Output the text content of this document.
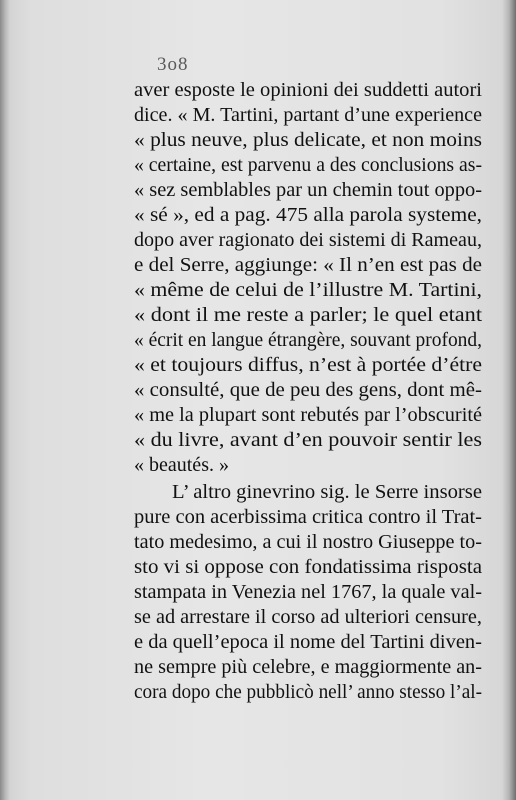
3o8
aver esposte le opinioni dei suddetti autori
dice. « M. Tartini, partant d’une experience
« plus neuve, plus delicate, et non moins
« certaine, est parvenu a des conclusions as-
« sez semblables par un chemin tout oppo-
« sé », ed a pag. 475 alla parola systeme,
dopo aver ragionato dei sistemi di Rameau,
e del Serre, aggiunge: « Il n’en est pas de
« même de celui de l’illustre M. Tartini,
« dont il me reste a parler; le quel etant
« écrit en langue étrangère, souvant profond,
« et toujours diffus, n’est à portée d’étre
« consulté, que de peu des gens, dont mê-
« me la plupart sont rebutés par l’obscurité
« du livre, avant d’en pouvoir sentir les
« beautés. »
L’ altro ginevrino sig. le Serre insorse
pure con acerbissima critica contro il Trat-
tato medesimo, a cui il nostro Giuseppe to-
sto vi si oppose con fondatissima risposta
stampata in Venezia nel 1767, la quale val-
se ad arrestare il corso ad ulteriori censure,
e da quell’epoca il nome del Tartini diven-
ne sempre più celebre, e maggiormente an-
cora dopo che pubblicò nell’ anno stesso l’al-
